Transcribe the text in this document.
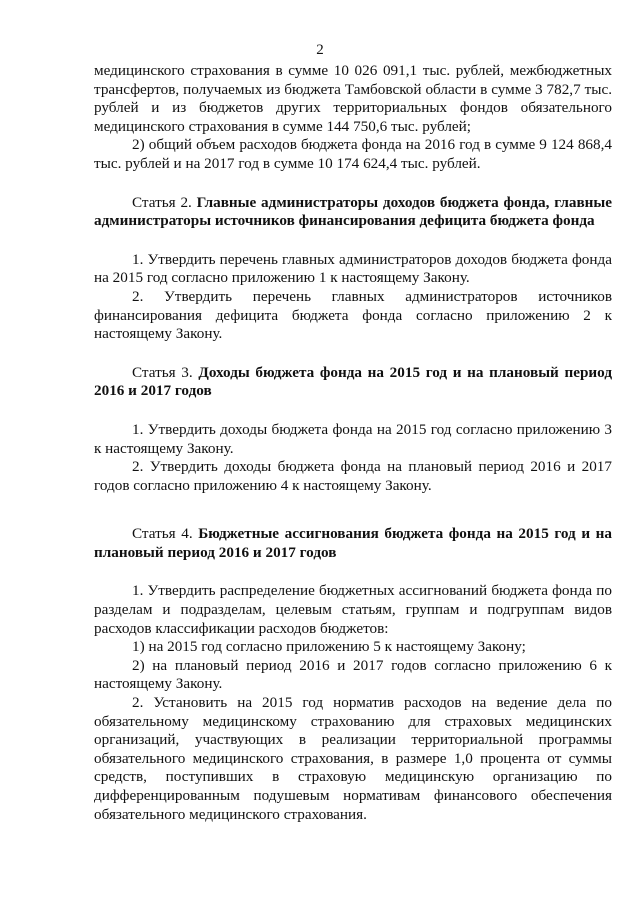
2

медицинского страхования в сумме 10 026 091,1 тыс. рублей, межбюджетных трансфертов, получаемых из бюджета Тамбовской области в сумме 3 782,7 тыс. рублей и из бюджетов других территориальных фондов обязательного медицинского страхования в сумме 144 750,6 тыс. рублей;

2) общий объем расходов бюджета фонда на 2016 год в сумме 9 124 868,4 тыс. рублей и на 2017 год в сумме 10 174 624,4 тыс. рублей.

Статья 2. Главные администраторы доходов бюджета фонда, главные администраторы источников финансирования дефицита бюджета фонда

1. Утвердить перечень главных администраторов доходов бюджета фонда на 2015 год согласно приложению 1 к настоящему Закону.

2. Утвердить перечень главных администраторов источников финансирования дефицита бюджета фонда согласно приложению 2 к настоящему Закону.

Статья 3. Доходы бюджета фонда на 2015 год и на плановый период 2016 и 2017 годов

1. Утвердить доходы бюджета фонда на 2015 год согласно приложению 3 к настоящему Закону.

2. Утвердить доходы бюджета фонда на плановый период 2016 и 2017 годов согласно приложению 4 к настоящему Закону.

Статья 4. Бюджетные ассигнования бюджета фонда на 2015 год и на плановый период 2016 и 2017 годов

1. Утвердить распределение бюджетных ассигнований бюджета фонда по разделам и подразделам, целевым статьям, группам и подгруппам видов расходов классификации расходов бюджетов:

1) на 2015 год согласно приложению 5 к настоящему Закону;

2) на плановый период 2016 и 2017 годов согласно приложению 6 к настоящему Закону.

2. Установить на 2015 год норматив расходов на ведение дела по обязательному медицинскому страхованию для страховых медицинских организаций, участвующих в реализации территориальной программы обязательного медицинского страхования, в размере 1,0 процента от суммы средств, поступивших в страховую медицинскую организацию по дифференцированным подушевым нормативам финансового обеспечения обязательного медицинского страхования.
